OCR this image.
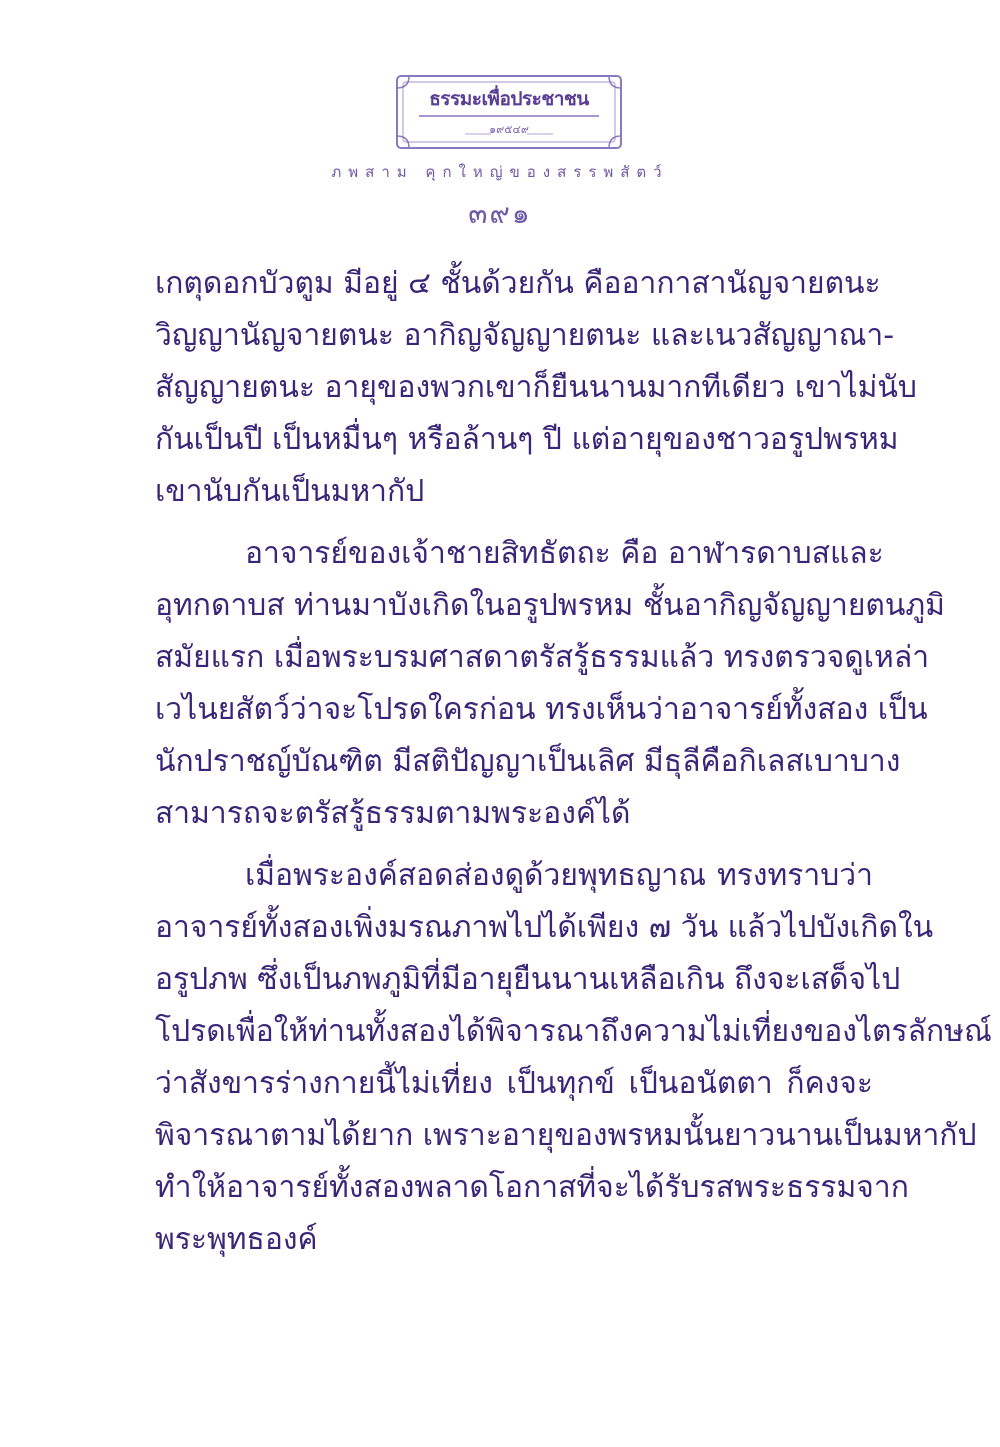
ธรรมะเพื่อประชาชน
๑๙๕๔๙
ภพสาม คุกใหญ่ของสรรพสัตว์
๓๙๑
เกตุดอกบัวตูม มีอยู่ ๔ ชั้นด้วยกัน คืออากาสานัญจายตนะ
วิญญานัญจายตนะ อากิญจัญญายตนะ และเนวสัญญาณา-
สัญญายตนะ อายุของพวกเขาก็ยืนนานมากทีเดียว เขาไม่นับ
กันเป็นปี เป็นหมื่นๆ หรือล้านๆ ปี แต่อายุของชาวอรูปพรหม
เขานับกันเป็นมหากัป
อาจารย์ของเจ้าชายสิทธัตถะ คือ อาฬารดาบสและ
อุทกดาบส ท่านมาบังเกิดในอรูปพรหม ชั้นอากิญจัญญายตนภูมิ
สมัยแรก เมื่อพระบรมศาสดาตรัสรู้ธรรมแล้ว ทรงตรวจดูเหล่า
เวไนยสัตว์ว่าจะโปรดใครก่อน ทรงเห็นว่าอาจารย์ทั้งสอง เป็น
นักปราชญ์บัณฑิต มีสติปัญญาเป็นเลิศ มีธุลีคือกิเลสเบาบาง
สามารถจะตรัสรู้ธรรมตามพระองค์ได้
เมื่อพระองค์สอดส่องดูด้วยพุทธญาณ ทรงทราบว่า
อาจารย์ทั้งสองเพิ่งมรณภาพไปได้เพียง ๗ วัน แล้วไปบังเกิดใน
อรูปภพ ซึ่งเป็นภพภูมิที่มีอายุยืนนานเหลือเกิน ถึงจะเสด็จไป
โปรดเพื่อให้ท่านทั้งสองได้พิจารณาถึงความไม่เที่ยงของไตรลักษณ์
ว่าสังขารร่างกายนี้ไม่เที่ยง เป็นทุกข์ เป็นอนัตตา ก็คงจะ
พิจารณาตามได้ยาก เพราะอายุของพรหมนั้นยาวนานเป็นมหากัป
ทำให้อาจารย์ทั้งสองพลาดโอกาสที่จะได้รับรสพระธรรมจาก
พระพุทธองค์
